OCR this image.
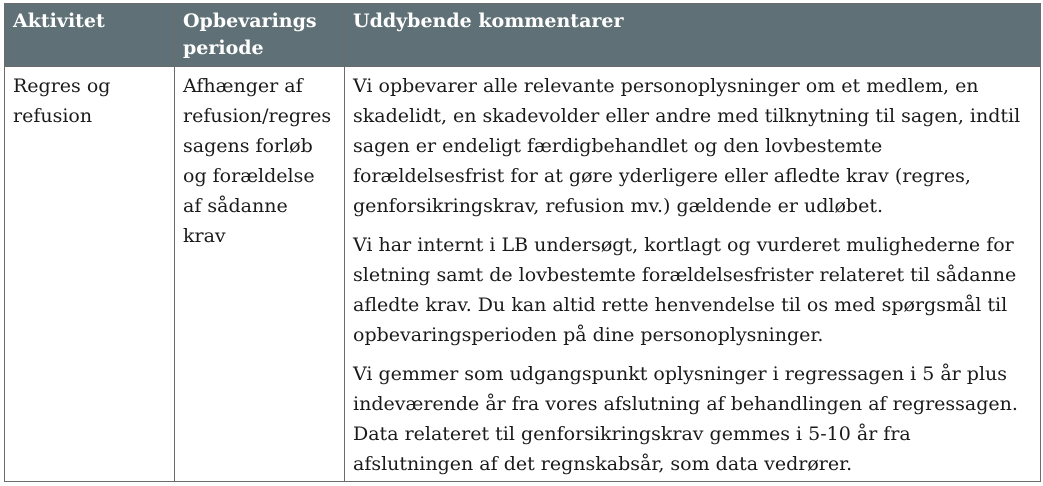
Aktivitet	Opbevarings periode	Uddybende kommentarer

Regres og refusion	Afhænger af refusion/regressagens forløb og forældelse af sådanne krav	Vi opbevarer alle relevante personoplysninger om et medlem, en skadelidt, en skadevolder eller andre med tilknytning til sagen, indtil sagen er endeligt færdigbehandlet og den lovbestemte forældelsesfrist for at gøre yderligere eller afledte krav (regres, genforsikringskrav, refusion mv.) gældende er udløbet.

Vi har internt i LB undersøgt, kortlagt og vurderet mulighederne for sletning samt de lovbestemte forældelsesfrister relateret til sådanne afledte krav. Du kan altid rette henvendelse til os med spørgsmål til opbevaringsperioden på dine personoplysninger.

Vi gemmer som udgangspunkt oplysninger i regressagen i 5 år plus indeværende år fra vores afslutning af behandlingen af regressagen. Data relateret til genforsikringskrav gemmes i 5-10 år fra afslutningen af det regnskabsår, som data vedrører.
